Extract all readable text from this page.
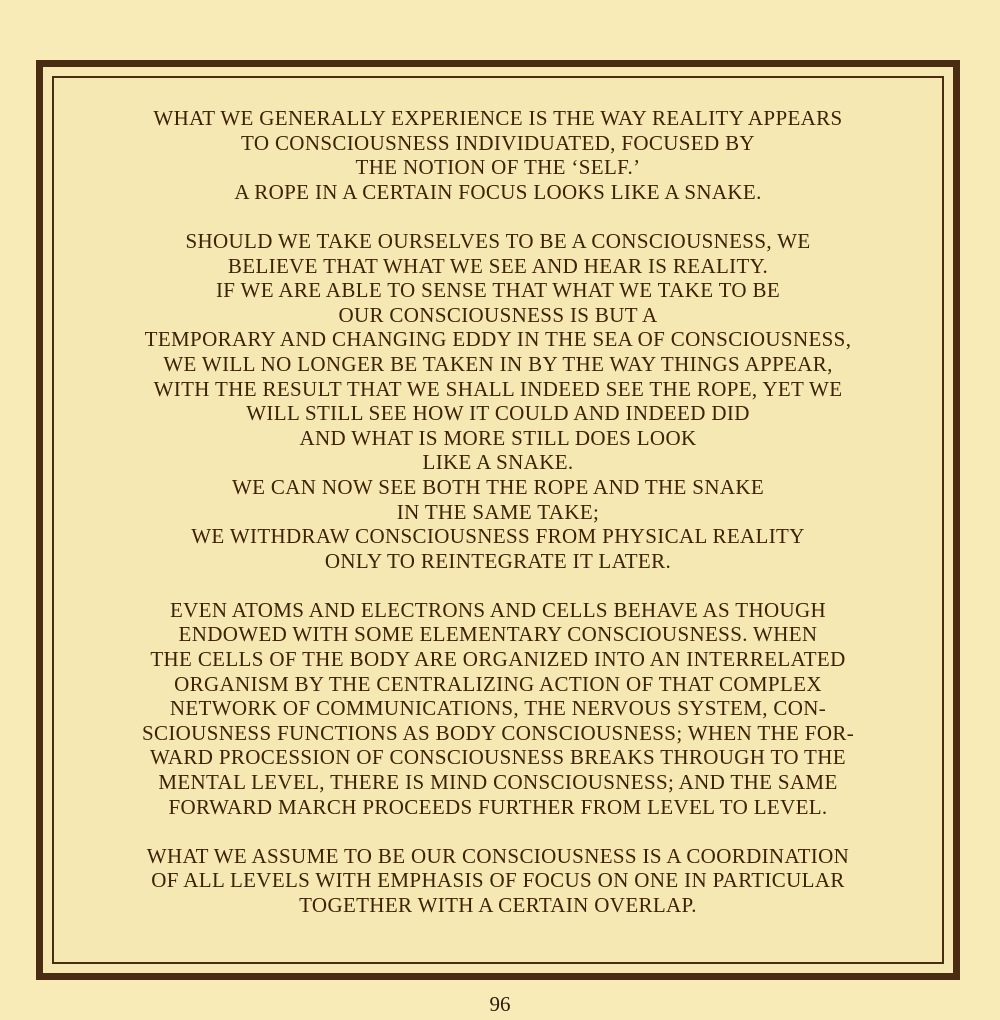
WHAT WE GENERALLY EXPERIENCE IS THE WAY REALITY APPEARS
TO CONSCIOUSNESS INDIVIDUATED, FOCUSED BY
THE NOTION OF THE ‘SELF.’
A ROPE IN A CERTAIN FOCUS LOOKS LIKE A SNAKE.
SHOULD WE TAKE OURSELVES TO BE A CONSCIOUSNESS, WE
BELIEVE THAT WHAT WE SEE AND HEAR IS REALITY.
IF WE ARE ABLE TO SENSE THAT WHAT WE TAKE TO BE
OUR CONSCIOUSNESS IS BUT A
TEMPORARY AND CHANGING EDDY IN THE SEA OF CONSCIOUSNESS,
WE WILL NO LONGER BE TAKEN IN BY THE WAY THINGS APPEAR,
WITH THE RESULT THAT WE SHALL INDEED SEE THE ROPE, YET WE
WILL STILL SEE HOW IT COULD AND INDEED DID
AND WHAT IS MORE STILL DOES LOOK
LIKE A SNAKE.
WE CAN NOW SEE BOTH THE ROPE AND THE SNAKE
IN THE SAME TAKE;
WE WITHDRAW CONSCIOUSNESS FROM PHYSICAL REALITY
ONLY TO REINTEGRATE IT LATER.
EVEN ATOMS AND ELECTRONS AND CELLS BEHAVE AS THOUGH
ENDOWED WITH SOME ELEMENTARY CONSCIOUSNESS. WHEN
THE CELLS OF THE BODY ARE ORGANIZED INTO AN INTERRELATED
ORGANISM BY THE CENTRALIZING ACTION OF THAT COMPLEX
NETWORK OF COMMUNICATIONS, THE NERVOUS SYSTEM, CON-
SCIOUSNESS FUNCTIONS AS BODY CONSCIOUSNESS; WHEN THE FOR-
WARD PROCESSION OF CONSCIOUSNESS BREAKS THROUGH TO THE
MENTAL LEVEL, THERE IS MIND CONSCIOUSNESS; AND THE SAME
FORWARD MARCH PROCEEDS FURTHER FROM LEVEL TO LEVEL.
WHAT WE ASSUME TO BE OUR CONSCIOUSNESS IS A COORDINATION
OF ALL LEVELS WITH EMPHASIS OF FOCUS ON ONE IN PARTICULAR
TOGETHER WITH A CERTAIN OVERLAP.
96
